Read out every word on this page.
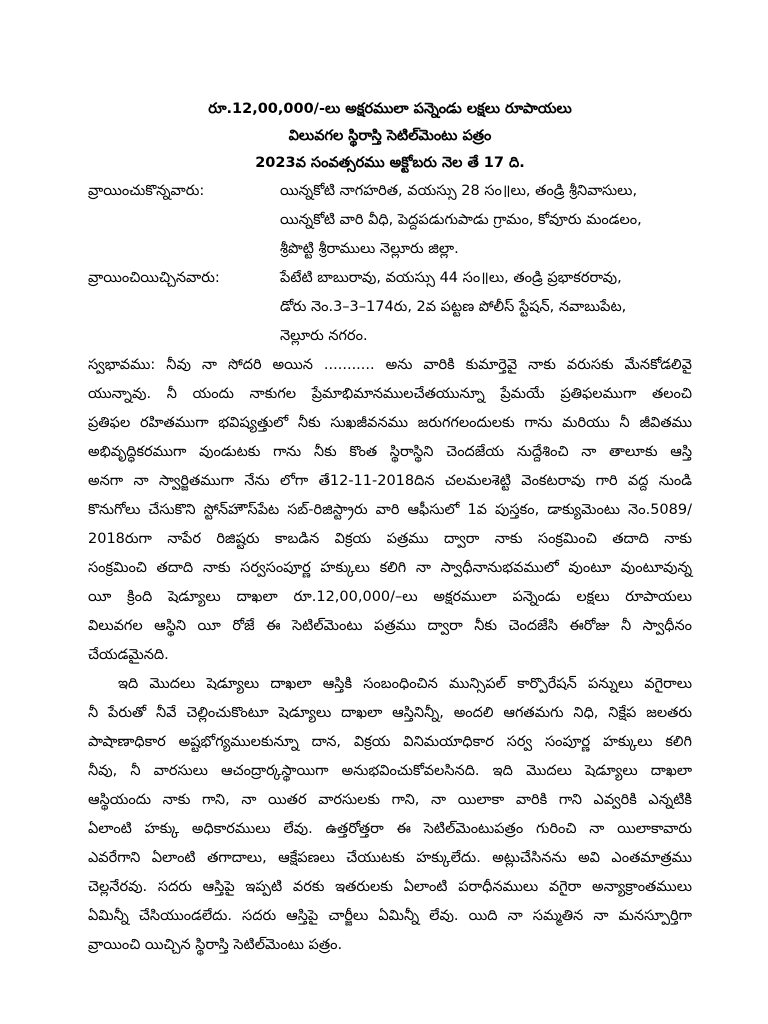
రూ.12,00,000/-లు అక్షరములా పన్నెండు లక్షలు రూపాయలు
విలువగల స్థిరాస్తి సెటిల్‌మెంటు పత్రం
2023వ సంవత్సరము అక్టోబరు నెల తే 17 ది.
వ్రాయించుకొన్నవారు:	యిన్నకోటి నాగహరిత, వయస్సు 28 సం॥లు, తండ్రి శ్రీనివాసులు,
యిన్నకోటి వారి వీధి, పెద్దపడుగుపాడు గ్రామం, కోవూరు మండలం,
శ్రీపొట్టి శ్రీరాములు నెల్లూరు జిల్లా.
వ్రాయించియిచ్చినవారు:	పేటేటి బాబురావు, వయస్సు 44 సం॥లు, తండ్రి ప్రభాకరరావు,
డోరు నెం.3–3–174రు, 2వ పట్టణ పోలీస్ స్టేషన్, నవాబుపేట,
నెల్లూరు నగరం.

స్వభావము: నీవు నా సోదరి అయిన ........... అను వారికి కుమార్తెవై నాకు వరుసకు మేనకోడలివై
యున్నావు. నీ యందు నాకుగల ప్రేమాభిమానములచేతయున్నూ ప్రేమయే ప్రతిఫలముగా తలంచి
ప్రతిఫల రహితముగా భవిష్యత్తులో నీకు సుఖజీవనము జరుగగలందులకు గాను మరియు నీ జీవితము
అభివృద్ధికరముగా వుండుటకు గాను నీకు కొంత స్థిరాస్థిని చెందజేయ నుద్దేశించి నా తాలూకు ఆస్తి
అనగా నా స్వార్జితముగా నేను లోగా తే12-11-2018దిన చలమలశెట్టి వెంకటరావు గారి వద్ద నుండి
కొనుగోలు చేసుకొని స్టోన్‌హౌస్‌పేట సబ్-రిజిస్ట్రారు వారి ఆఫీసులో 1వ పుస్తకం, డాక్యుమెంటు నెం.5089/
2018రుగా నాపేర రిజిష్టరు కాబడిన విక్రయ పత్రము ద్వారా నాకు సంక్రమించి తదాది నాకు
సంక్రమించి తదాది నాకు సర్వసంపూర్ణ హక్కులు కలిగి నా స్వాధీనానుభవములో వుంటూ వుంటూవున్న
యీ క్రింది షెడ్యూలు దాఖలా రూ.12,00,000/–లు అక్షరములా పన్నెండు లక్షలు రూపాయలు
విలువగల ఆస్థిని యీ రోజే ఈ సెటిల్‌మెంటు పత్రము ద్వారా నీకు చెందజేసి ఈరోజు నీ స్వాధీనం
చేయడమైనది.

ఇది మొదలు షెడ్యూలు దాఖలా ఆస్తికి సంబంధించిన మున్సిపల్ కార్పొరేషన్ పన్నులు వగైరాలు
నీ పేరుతో నీవే చెల్లించుకొంటూ షెడ్యూలు దాఖలా ఆస్తినిన్నీ, అందలి ఆగతమగు నిధి, నిక్షేప జలతరు
పాషాణాధికార అష్టభోగ్యములకున్నూ దాన, విక్రయ వినిమయాధికార సర్వ సంపూర్ణ హక్కులు కలిగి
నీవు, నీ వారసులు ఆచంద్రార్కస్థాయిగా అనుభవించుకోవలసినది. ఇది మొదలు షెడ్యూలు దాఖలా
ఆస్థియందు నాకు గాని, నా యితర వారసులకు గాని, నా యిలాకా వారికి గాని ఎవ్వరికి ఎన్నటికి
ఏలాంటి హక్కు అధికారములు లేవు. ఉత్తరోత్తరా ఈ సెటిల్‌మెంటుపత్రం గురించి నా యిలాకావారు
ఎవరేగాని ఏలాంటి తగాదాలు, ఆక్షేపణలు చేయుటకు హక్కులేదు. అట్లుచేసినను అవి ఎంతమాత్రము
చెల్లనేరవు. సదరు ఆస్తిపై ఇప్పటి వరకు ఇతరులకు ఏలాంటి పరాధీనములు వగైరా అన్యాక్రాంతములు
ఏమిన్నీ చేసియుండలేదు. సదరు ఆస్తిపై చార్జీలు ఏమిన్నీ లేవు. యిది నా సమ్మతిన నా మనస్పూర్తిగా
వ్రాయించి యిచ్చిన స్థిరాస్తి సెటిల్‌మెంటు పత్రం.
